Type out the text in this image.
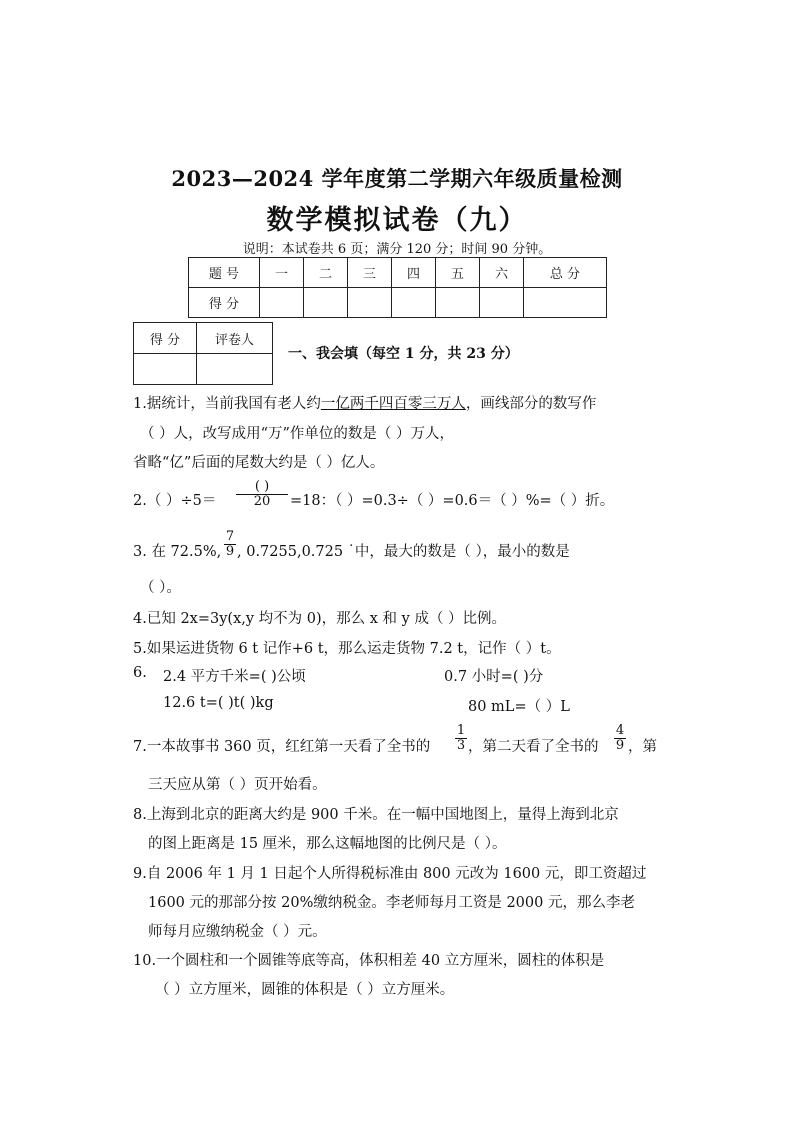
2023—2024 学年度第二学期六年级质量检测
数学模拟试卷（九）
说明：本试卷共 6 页；满分 120 分；时间 90 分钟。
题 号	一	二	三	四	五	六	总 分
得 分							
得 分	评卷人

一、我会填（每空 1 分，共 23 分）
1.据统计，当前我国有老人约一亿两千四百零三万人，画线部分的数写作
（ ）人，改写成用“万”作单位的数是（ ）万人，
省略“亿”后面的尾数大约是（ ）亿人。
2.（ ）÷5＝
( )
20	=18：（ ）=0.3÷（ ）=0.6＝（ ）%=（ ）折。
3. 在 72.5%,
7
9 , 0.7255,0.725 ˙中，最大的数是（ ），最小的数是
（ ）。
4.已知 2x=3y(x,y 均不为 0)，那么 x 和 y 成（ ）比例。
5.如果运进货物 6 t 记作+6 t，那么运走货物 7.2 t，记作（ ）t。
6. 2.4 平方千米=( )公顷	0.7 小时=( )分
12.6 t=( )t( )kg	80 mL=（ ）L
7.一本故事书 360 页，红红第一天看了全书的
1
3 ，第二天看了全书的
4
9 ，第
三天应从第（ ）页开始看。
8.上海到北京的距离大约是 900 千米。在一幅中国地图上，量得上海到北京
的图上距离是 15 厘米，那么这幅地图的比例尺是（ ）。
9.自 2006 年 1 月 1 日起个人所得税标准由 800 元改为 1600 元，即工资超过
1600 元的那部分按 20%缴纳税金。李老师每月工资是 2000 元，那么李老
师每月应缴纳税金（ ）元。
10.一个圆柱和一个圆锥等底等高，体积相差 40 立方厘米，圆柱的体积是
（ ）立方厘米，圆锥的体积是（ ）立方厘米。
